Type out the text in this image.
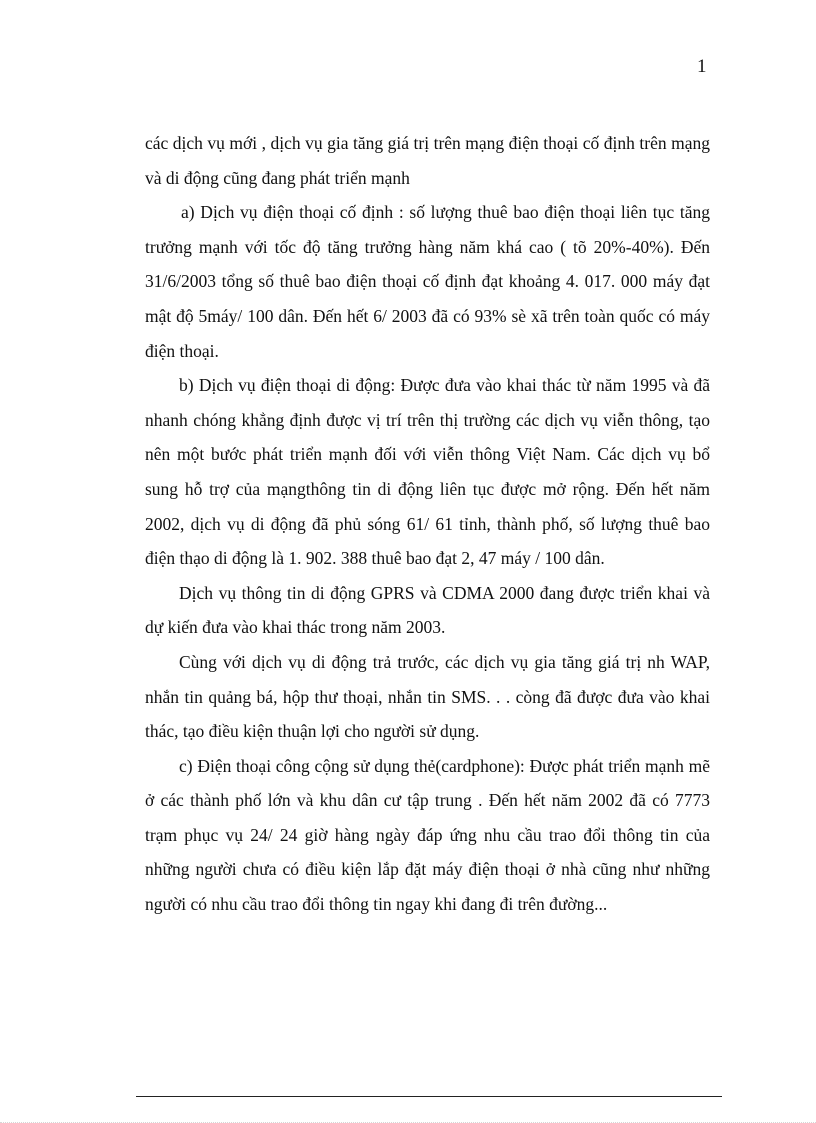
1

các dịch vụ mới , dịch vụ gia tăng giá trị trên mạng điện thoại cố định trên mạng và di động cũng đang phát triển mạnh

a) Dịch vụ điện thoại cố định : số lượng thuê bao điện thoại liên tục tăng trưởng mạnh với tốc độ tăng trưởng hàng năm khá cao ( tõ 20%-40%). Đến 31/6/2003 tổng số thuê bao điện thoại cố định đạt khoảng 4. 017. 000 máy đạt mật độ 5máy/ 100 dân. Đến hết 6/ 2003 đã có 93% sè xã trên toàn quốc có máy điện thoại.

b) Dịch vụ điện thoại di động: Được đưa vào khai thác từ năm 1995 và đã nhanh chóng khẳng định được vị trí trên thị trường các dịch vụ viễn thông, tạo nên một bước phát triển mạnh đối với viễn thông Việt Nam. Các dịch vụ bổ sung hỗ trợ của mạngthông tin di động liên tục được mở rộng. Đến hết năm 2002, dịch vụ di động đã phủ sóng 61/ 61 tỉnh, thành phố, số lượng thuê bao điện thạo di động là 1. 902. 388 thuê bao đạt 2, 47 máy / 100 dân.

Dịch vụ thông tin di động GPRS và CDMA 2000 đang được triển khai và dự kiến đưa vào khai thác trong năm 2003.

Cùng với dịch vụ di động trả trước, các dịch vụ gia tăng giá trị nh WAP, nhắn tin quảng bá, hộp thư thoại, nhắn tin SMS. . . còng đã được đưa vào khai thác, tạo điều kiện thuận lợi cho người sử dụng.

c) Điện thoại công cộng sử dụng thẻ(cardphone): Được phát triển mạnh mẽ ở các thành phố lớn và khu dân cư tập trung . Đến hết năm 2002 đã có 7773 trạm phục vụ 24/ 24 giờ hàng ngày đáp ứng nhu cầu trao đổi thông tin của những người chưa có điều kiện lắp đặt máy điện thoại ở nhà cũng như những người có nhu cầu trao đổi thông tin ngay khi đang đi trên đường...
